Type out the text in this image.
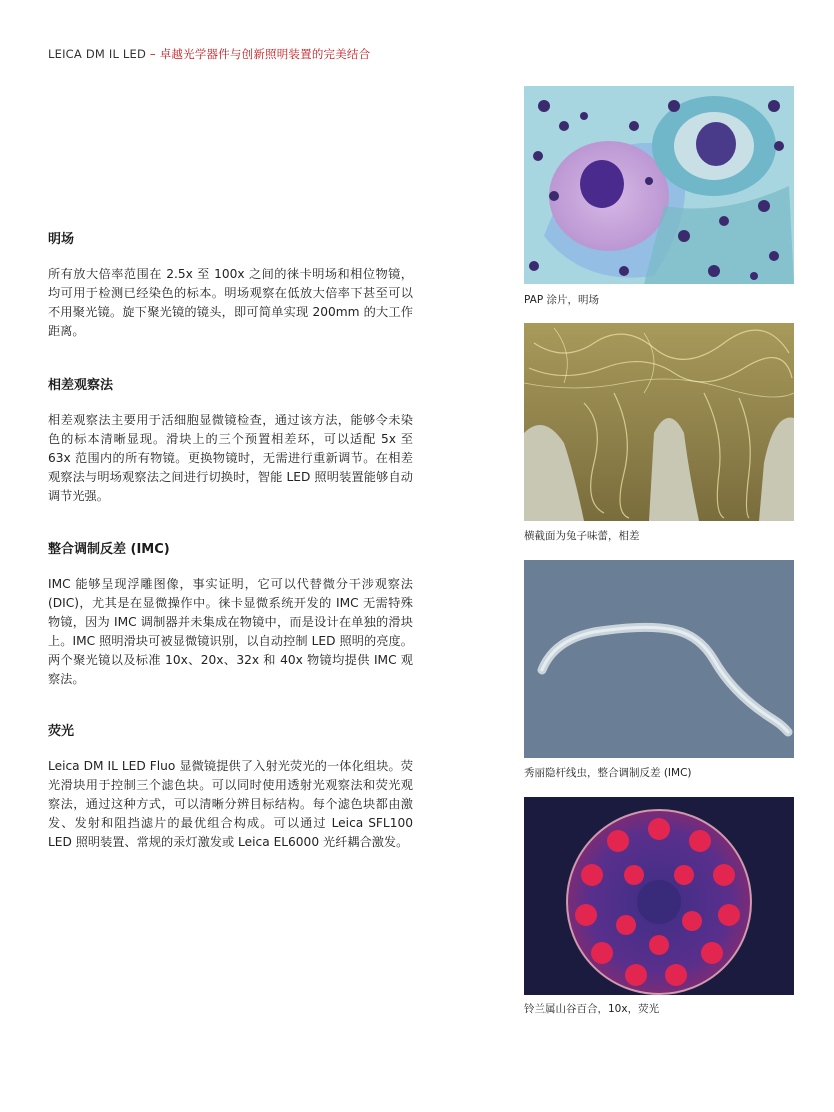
LEICA DM IL LED – 卓越光学器件与创新照明装置的完美结合
明场

所有放大倍率范围在 2.5x 至 100x 之间的徕卡明场和相位物镜，均可用于检测已经染色的标本。明场观察在低放大倍率下甚至可以不用聚光镜。旋下聚光镜的镜头，即可简单实现 200mm 的大工作距离。

相差观察法

相差观察法主要用于活细胞显微镜检查，通过该方法，能够令未染色的标本清晰显现。滑块上的三个预置相差环，可以适配 5x 至 63x 范围内的所有物镜。更换物镜时，无需进行重新调节。在相差观察法与明场观察法之间进行切换时，智能 LED 照明装置能够自动调节光强。

整合调制反差 (IMC)

IMC 能够呈现浮雕图像，事实证明，它可以代替微分干涉观察法 (DIC)，尤其是在显微操作中。徕卡显微系统开发的 IMC 无需特殊物镜，因为 IMC 调制器并未集成在物镜中，而是设计在单独的滑块上。IMC 照明滑块可被显微镜识别，以自动控制 LED 照明的亮度。两个聚光镜以及标准 10x、20x、32x 和 40x 物镜均提供 IMC 观察法。

荧光

Leica DM IL LED Fluo 显微镜提供了入射光荧光的一体化组块。荧光滑块用于控制三个滤色块。可以同时使用透射光观察法和荧光观察法，通过这种方式，可以清晰分辨目标结构。每个滤色块都由激发、发射和阻挡滤片的最优组合构成。可以通过 Leica SFL100 LED 照明装置、常规的汞灯激发或 Leica EL6000 光纤耦合激发。

PAP 涂片，明场
横截面为兔子味蕾，相差
秀丽隐杆线虫，整合调制反差 (IMC)
铃兰属山谷百合，10x，荧光
